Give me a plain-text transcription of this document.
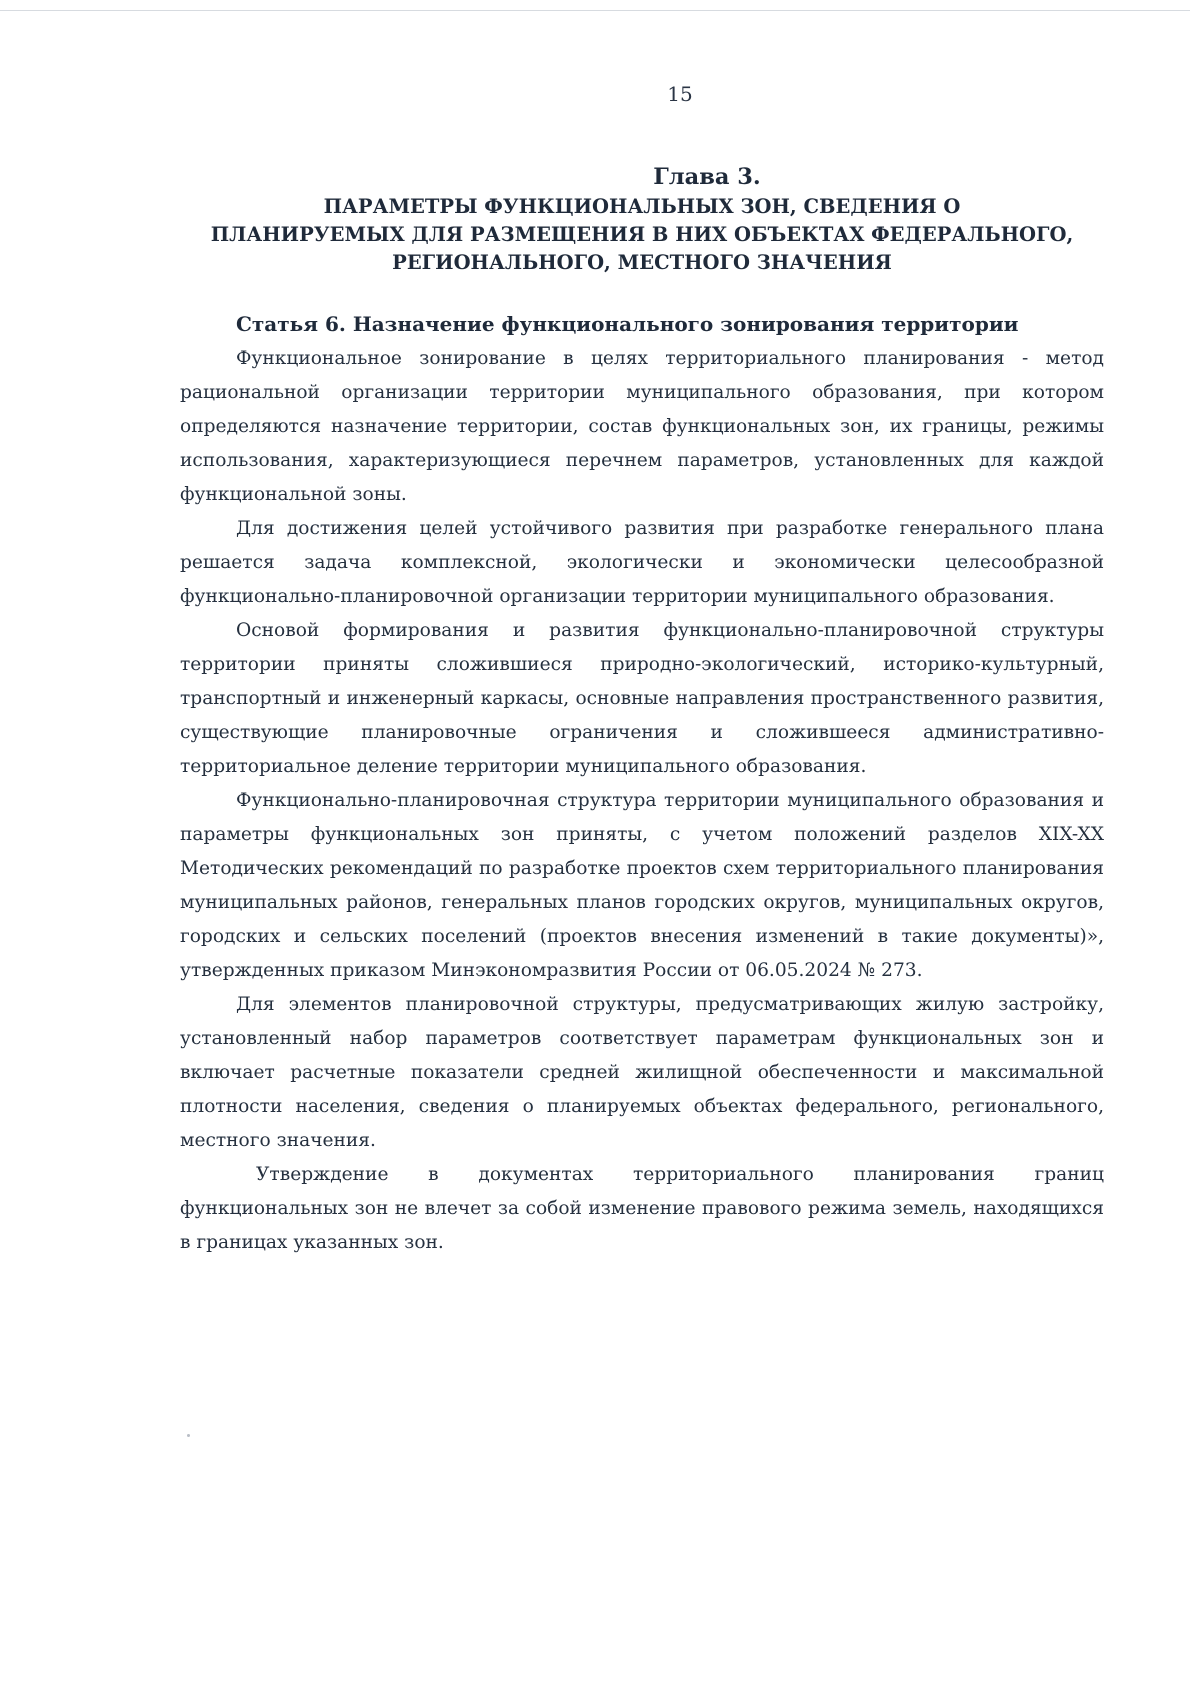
15
Глава 3.
ПАРАМЕТРЫ ФУНКЦИОНАЛЬНЫХ ЗОН, СВЕДЕНИЯ О
ПЛАНИРУЕМЫХ ДЛЯ РАЗМЕЩЕНИЯ В НИХ ОБЪЕКТАХ ФЕДЕРАЛЬНОГО,
РЕГИОНАЛЬНОГО, МЕСТНОГО ЗНАЧЕНИЯ
Статья 6. Назначение функционального зонирования территории

Функциональное зонирование в целях территориального планирования - метод рациональной организации территории муниципального образования, при котором определяются назначение территории, состав функциональных зон, их границы, режимы использования, характеризующиеся перечнем параметров, установленных для каждой функциональной зоны.

Для достижения целей устойчивого развития при разработке генерального плана решается задача комплексной, экологически и экономически целесообразной функционально-планировочной организации территории муниципального образования.

Основой формирования и развития функционально-планировочной структуры территории приняты сложившиеся природно-экологический, историко-культурный, транспортный и инженерный каркасы, основные направления пространственного развития, существующие планировочные ограничения и сложившееся административно-территориальное деление территории муниципального образования.

Функционально-планировочная структура территории муниципального образования и параметры функциональных зон приняты, с учетом положений разделов XIX-XX Методических рекомендаций по разработке проектов схем территориального планирования муниципальных районов, генеральных планов городских округов, муниципальных округов, городских и сельских поселений (проектов внесения изменений в такие документы)», утвержденных приказом Минэкономразвития России от 06.05.2024 № 273.

Для элементов планировочной структуры, предусматривающих жилую застройку, установленный набор параметров соответствует параметрам функциональных зон и включает расчетные показатели средней жилищной обеспеченности и максимальной плотности населения, сведения о планируемых объектах федерального, регионального, местного значения.

Утверждение в документах территориального планирования границ функциональных зон не влечет за собой изменение правового режима земель, находящихся в границах указанных зон.
